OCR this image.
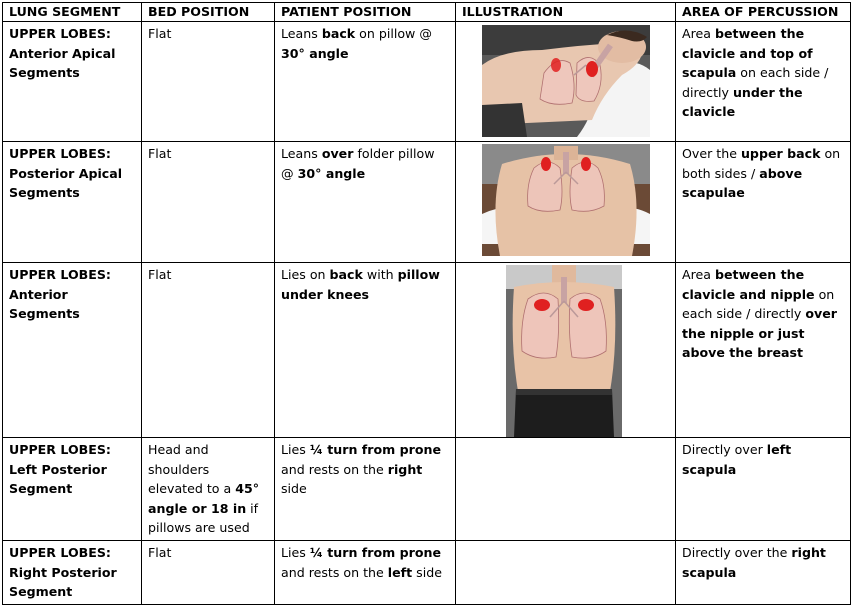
LUNG SEGMENT	BED POSITION	PATIENT POSITION	ILLUSTRATION	AREA OF PERCUSSION

UPPER LOBES:
Anterior Apical Segments	Flat	Leans back on pillow @ 30° angle		Area between the clavicle and top of scapula on each side / directly under the clavicle

UPPER LOBES:
Posterior Apical Segments	Flat	Leans over folder pillow @ 30° angle		Over the upper back on both sides / above scapulae

UPPER LOBES:
Anterior Segments	Flat	Lies on back with pillow under knees		Area between the clavicle and nipple on each side / directly over the nipple or just above the breast

UPPER LOBES:
Left Posterior Segment	Head and shoulders elevated to a 45° angle or 18 in if pillows are used	Lies ¼ turn from prone and rests on the right side		Directly over left scapula

UPPER LOBES:
Right Posterior Segment	Flat	Lies ¼ turn from prone and rests on the left side		Directly over the right scapula
